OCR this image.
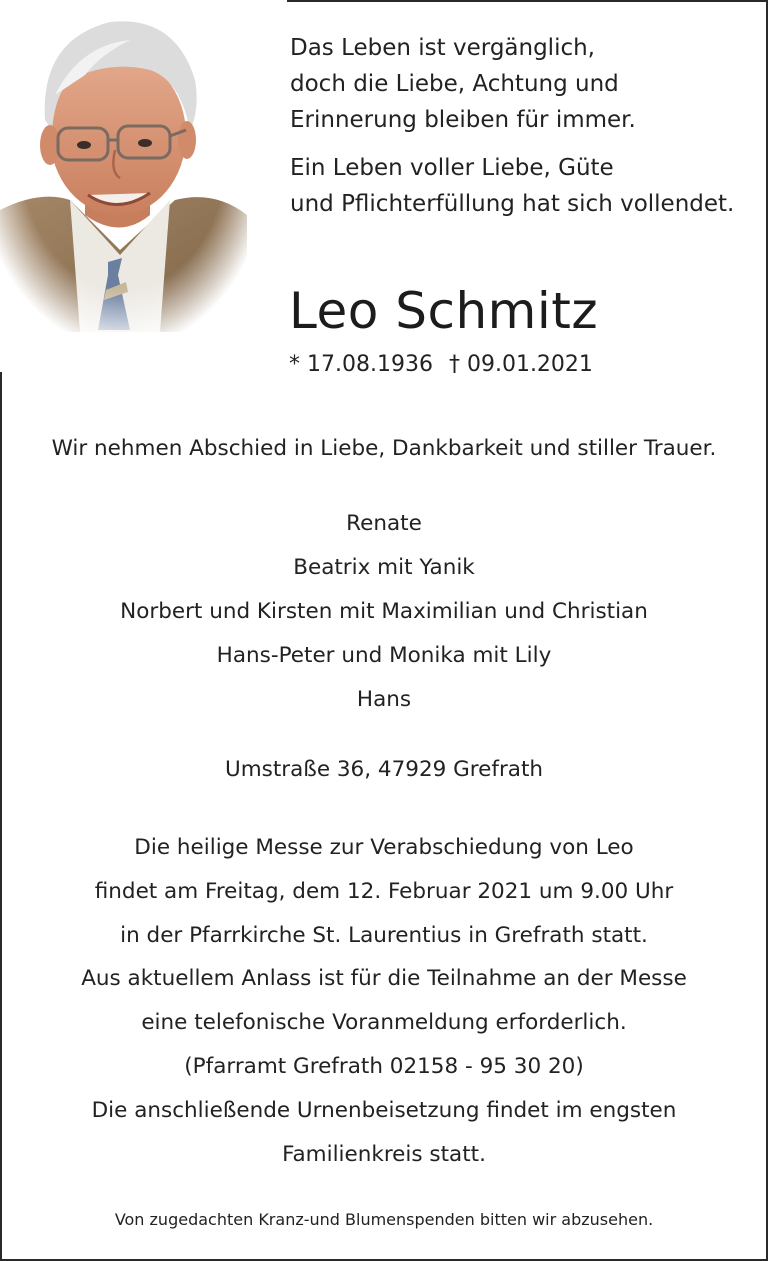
Das Leben ist vergänglich,
doch die Liebe, Achtung und
Erinnerung bleiben für immer.

Ein Leben voller Liebe, Güte
und Pflichterfüllung hat sich vollendet.

Leo Schmitz
* 17.08.1936 † 09.01.2021
Wir nehmen Abschied in Liebe, Dankbarkeit und stiller Trauer.
Renate
Beatrix mit Yanik
Norbert und Kirsten mit Maximilian und Christian
Hans-Peter und Monika mit Lily
Hans
Umstraße 36, 47929 Grefrath
Die heilige Messe zur Verabschiedung von Leo
findet am Freitag, dem 12. Februar 2021 um 9.00 Uhr
in der Pfarrkirche St. Laurentius in Grefrath statt.
Aus aktuellem Anlass ist für die Teilnahme an der Messe
eine telefonische Voranmeldung erforderlich.
(Pfarramt Grefrath 02158 - 95 30 20)
Die anschließende Urnenbeisetzung findet im engsten
Familienkreis statt.
Von zugedachten Kranz-und Blumenspenden bitten wir abzusehen.
